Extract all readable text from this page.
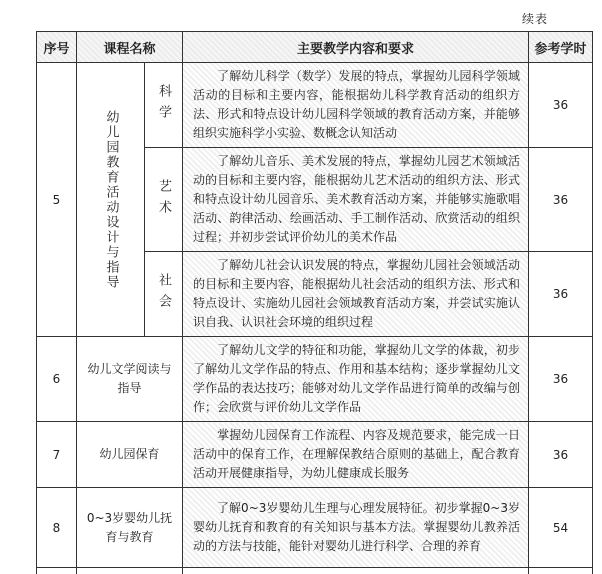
续表
序号	课程名称		主要教学内容和要求	参考学时
5	幼儿园教育活动设计与指导	科学	了解幼儿科学（数学）发展的特点，掌握幼儿园科学领域活动的目标和主要内容，能根据幼儿科学教育活动的组织方法、形式和特点设计幼儿园科学领域的教育活动方案，并能够组织实施科学小实验、数概念认知活动	36

		艺术	了解幼儿音乐、美术发展的特点，掌握幼儿园艺术领域活动的目标和主要内容，能根据幼儿艺术活动的组织方法、形式和特点设计幼儿园音乐、美术教育活动方案，并能够实施歌唱活动、韵律活动、绘画活动、手工制作活动、欣赏活动的组织过程；并初步尝试评价幼儿的美术作品	36

		社会	了解幼儿社会认识发展的特点，掌握幼儿园社会领域活动的目标和主要内容，能根据幼儿社会活动的组织方法、形式和特点设计、实施幼儿园社会领域教育活动方案，并尝试实施认识自我、认识社会环境的组织过程	36
6	幼儿文学阅读与指导		了解幼儿文学的特征和功能，掌握幼儿文学的体裁，初步了解幼儿文学作品的特点、作用和基本结构；逐步掌握幼儿文学作品的表达技巧；能够对幼儿文学作品进行简单的改编与创作；会欣赏与评价幼儿文学作品	36
7	幼儿园保育		掌握幼儿园保育工作流程、内容及规范要求，能完成一日活动中的保育工作，在理解保教结合原则的基础上，配合教育活动开展健康指导，为幼儿健康成长服务	36
8	0~3岁婴幼儿抚育与教育		了解0~3岁婴幼儿生理与心理发展特征。初步掌握0~3岁婴幼儿抚育和教育的有关知识与基本方法。掌握婴幼儿教养活动的方法与技能，能针对婴幼儿进行科学、合理的养育	54
